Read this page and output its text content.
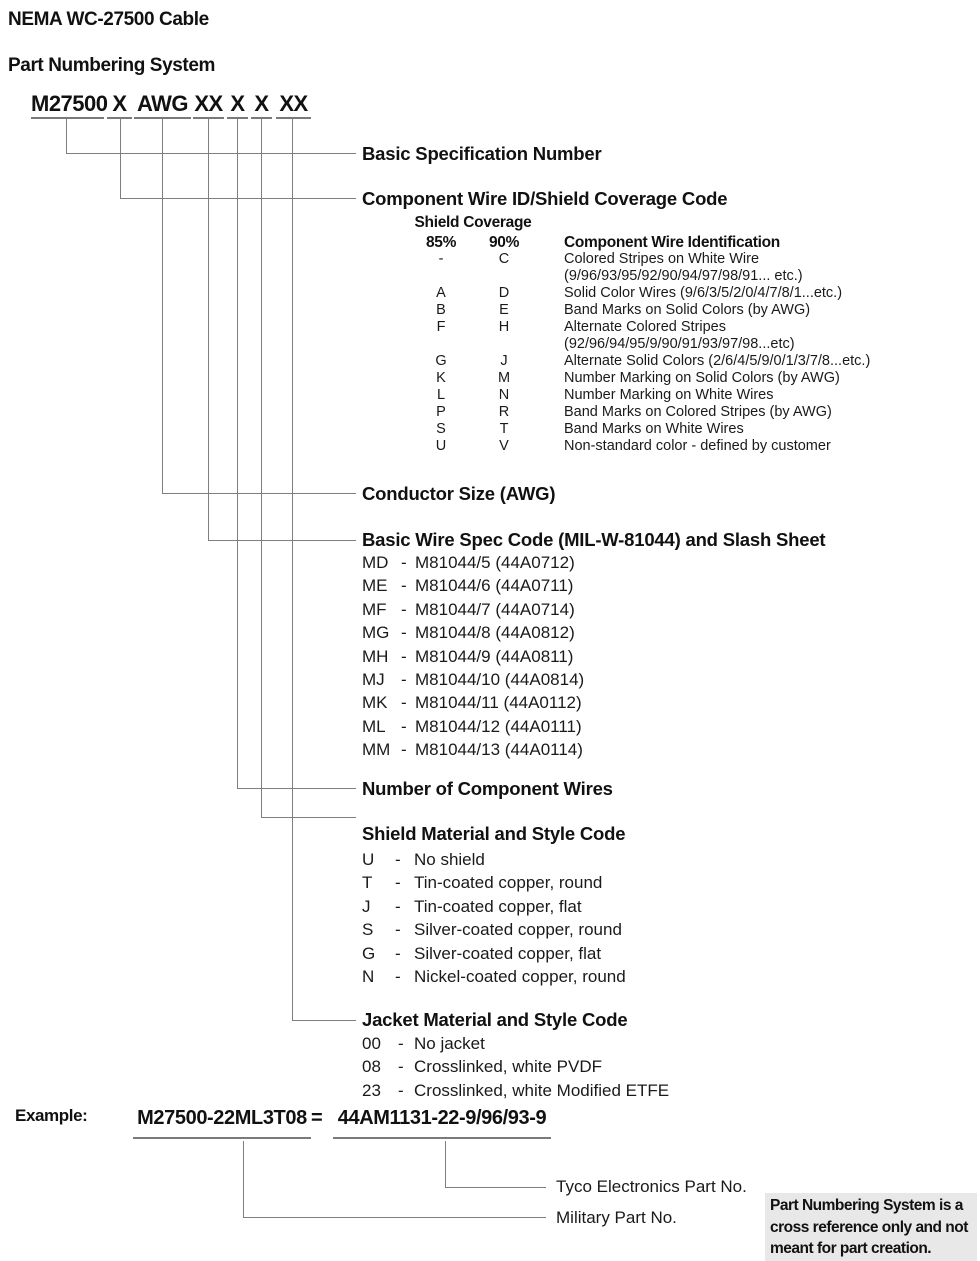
NEMA WC-27500 Cable

Part Numbering System
M27500 X AWG XX X X XX
Basic Specification Number
Component Wire ID/Shield Coverage Code
Conductor Size (AWG)
Basic Wire Spec Code (MIL-W-81044) and Slash Sheet
Number of Component Wires
Shield Material and Style Code
Jacket Material and Style Code
Shield Coverage
85%	90%	Component Wire Identification
-	C	Colored Stripes on White Wire
(9/96/93/95/92/90/94/97/98/91... etc.)
A	D	Solid Color Wires (9/6/3/5/2/0/4/7/8/1...etc.)
B	E	Band Marks on Solid Colors (by AWG)
F	H	Alternate Colored Stripes
(92/96/94/95/9/90/91/93/97/98...etc)
G	J	Alternate Solid Colors (2/6/4/5/9/0/1/3/7/8...etc.)
K	M	Number Marking on Solid Colors (by AWG)
L	N	Number Marking on White Wires
P	R	Band Marks on Colored Stripes (by AWG)
S	T	Band Marks on White Wires
U	V	Non-standard color - defined by customer
MD - M81044/5 (44A0712)
ME - M81044/6 (44A0711)
MF - M81044/7 (44A0714)
MG - M81044/8 (44A0812)
MH - M81044/9 (44A0811)
MJ - M81044/10 (44A0814)
MK - M81044/11 (44A0112)
ML - M81044/12 (44A0111)
MM - M81044/13 (44A0114)
U	- No shield
T	- Tin-coated copper, round
J	- Tin-coated copper, flat
S	- Silver-coated copper, round
G	- Silver-coated copper, flat
N	- Nickel-coated copper, round
00	- No jacket
08	- Crosslinked, white PVDF
23	- Crosslinked, white Modified ETFE
Example: M27500-22ML3T08 = 44AM1131-22-9/96/93-9
Tyco Electronics Part No.
Military Part No.
Part Numbering System is a
cross reference only and not
meant for part creation.
